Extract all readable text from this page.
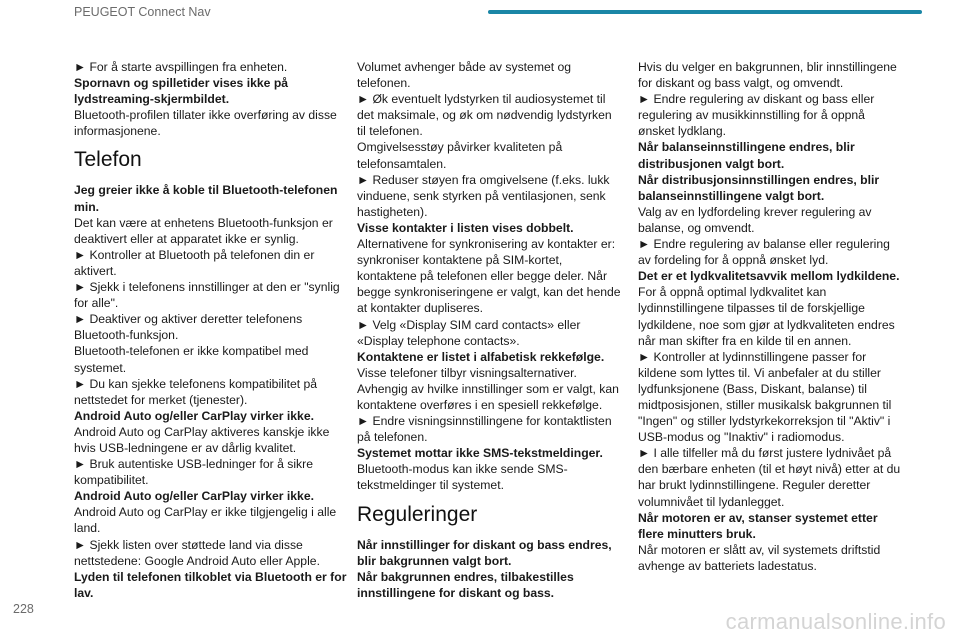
PEUGEOT Connect Nav

► For å starte avspillingen fra enheten.

Spornavn og spilletider vises ikke på lydstreaming-skjermbildet.

Bluetooth-profilen tillater ikke overføring av disse informasjonene.

Telefon

Jeg greier ikke å koble til Bluetooth-telefonen min.

Det kan være at enhetens Bluetooth-funksjon er deaktivert eller at apparatet ikke er synlig.

► Kontroller at Bluetooth på telefonen din er aktivert.

► Sjekk i telefonens innstillinger at den er "synlig for alle".

► Deaktiver og aktiver deretter telefonens Bluetooth-funksjon.

Bluetooth-telefonen er ikke kompatibel med systemet.

► Du kan sjekke telefonens kompatibilitet på nettstedet for merket (tjenester).

Android Auto og/eller CarPlay virker ikke.

Android Auto og CarPlay aktiveres kanskje ikke hvis USB-ledningene er av dårlig kvalitet.

► Bruk autentiske USB-ledninger for å sikre kompatibilitet.

Android Auto og/eller CarPlay virker ikke.

Android Auto og CarPlay er ikke tilgjengelig i alle land.

► Sjekk listen over støttede land via disse nettstedene: Google Android Auto eller Apple.

Lyden til telefonen tilkoblet via Bluetooth er for lav.

Volumet avhenger både av systemet og telefonen.

► Øk eventuelt lydstyrken til audiosystemet til det maksimale, og øk om nødvendig lydstyrken til telefonen.

Omgivelsesstøy påvirker kvaliteten på telefonsamtalen.

► Reduser støyen fra omgivelsene (f.eks. lukk vinduene, senk styrken på ventilasjonen, senk hastigheten).

Visse kontakter i listen vises dobbelt.

Alternativene for synkronisering av kontakter er: synkroniser kontaktene på SIM-kortet, kontaktene på telefonen eller begge deler. Når begge synkroniseringene er valgt, kan det hende at kontakter dupliseres.

► Velg «Display SIM card contacts» eller «Display telephone contacts».

Kontaktene er listet i alfabetisk rekkefølge.

Visse telefoner tilbyr visningsalternativer. Avhengig av hvilke innstillinger som er valgt, kan kontaktene overføres i en spesiell rekkefølge.

► Endre visningsinnstillingene for kontaktlisten på telefonen.

Systemet mottar ikke SMS-tekstmeldinger.

Bluetooth-modus kan ikke sende SMS-tekstmeldinger til systemet.

Reguleringer

Når innstillinger for diskant og bass endres, blir bakgrunnen valgt bort.

Når bakgrunnen endres, tilbakestilles innstillingene for diskant og bass.

Hvis du velger en bakgrunnen, blir innstillingene for diskant og bass valgt, og omvendt.

► Endre regulering av diskant og bass eller regulering av musikkinnstilling for å oppnå ønsket lydklang.

Når balanseinnstillingene endres, blir distribusjonen valgt bort.

Når distribusjonsinnstillingen endres, blir balanseinnstillingene valgt bort.

Valg av en lydfordeling krever regulering av balanse, og omvendt.

► Endre regulering av balanse eller regulering av fordeling for å oppnå ønsket lyd.

Det er et lydkvalitetsavvik mellom lydkildene.

For å oppnå optimal lydkvalitet kan lydinnstillingene tilpasses til de forskjellige lydkildene, noe som gjør at lydkvaliteten endres når man skifter fra en kilde til en annen.

► Kontroller at lydinnstillingene passer for kildene som lyttes til. Vi anbefaler at du stiller lydfunksjonene (Bass, Diskant, balanse) til midtposisjonen, stiller musikalsk bakgrunnen til "Ingen" og stiller lydstyrkekorreksjon til "Aktiv" i USB-modus og "Inaktiv" i radiomodus.

► I alle tilfeller må du først justere lydnivået på den bærbare enheten (til et høyt nivå) etter at du har brukt lydinnstillingene. Reguler deretter volumnivået til lydanlegget.

Når motoren er av, stanser systemet etter flere minutters bruk.

Når motoren er slått av, vil systemets driftstid avhenge av batteriets ladestatus.

228	carmanualsonline.info
